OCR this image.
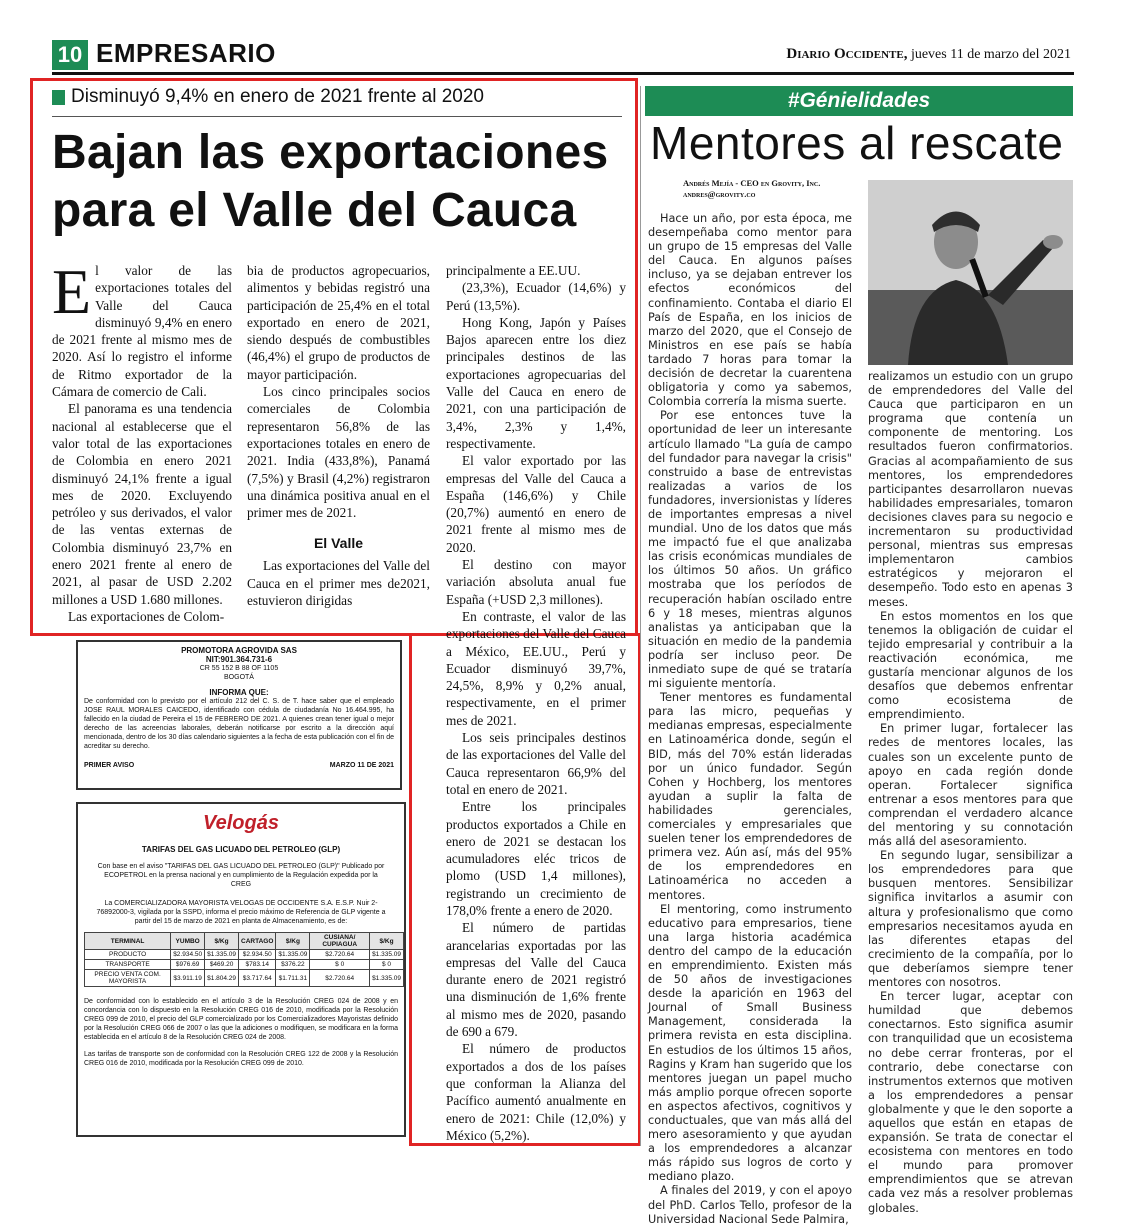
10 EMPRESARIO	Diario Occidente, jueves 11 de marzo del 2021
Disminuyó 9,4% en enero de 2021 frente al 2020
Bajan las exportaciones
para el Valle del Cauca

El valor de las exportaciones totales del Valle del Cauca disminuyó 9,4% en enero de 2021 frente al mismo mes de 2020. Así lo registro el informe de Ritmo exportador de la Cámara de comercio de Cali.

El panorama es una tendencia nacional al establecerse que el valor total de las exportaciones de Colombia en enero 2021 disminuyó 24,1% frente a igual mes de 2020. Excluyendo petróleo y sus derivados, el valor de las ventas externas de Colombia disminuyó 23,7% en enero 2021 frente al enero de 2021, al pasar de USD 2.202 millones a USD 1.680 millones.

Las exportaciones de Colom-

bia de productos agropecuarios, alimentos y bebidas registró una participación de 25,4% en el total exportado en enero de 2021, siendo después de combustibles (46,4%) el grupo de productos de mayor participación.

Los cinco principales socios comerciales de Colombia representaron 56,8% de las exportaciones totales en enero de 2021. India (433,8%), Panamá (7,5%) y Brasil (4,2%) registraron una dinámica positiva anual en el primer mes de 2021.

El Valle

Las exportaciones del Valle del Cauca en el primer mes de2021, estuvieron dirigidas

principalmente a EE.UU.

(23,3%), Ecuador (14,6%) y Perú (13,5%).

Hong Kong, Japón y Países Bajos aparecen entre los diez principales destinos de las exportaciones agropecuarias del Valle del Cauca en enero de 2021, con una participación de 3,4%, 2,3% y 1,4%, respectivamente.

El valor exportado por las empresas del Valle del Cauca a España (146,6%) y Chile (20,7%) aumentó en enero de 2021 frente al mismo mes de 2020.

El destino con mayor variación absoluta anual fue España (+USD 2,3 millones).

En contraste, el valor de las exportaciones del Valle del Cauca a México, EE.UU., Perú y Ecuador disminuyó 39,7%, 24,5%, 8,9% y 0,2% anual, respectivamente, en el primer mes de 2021.

Los seis principales destinos de las exportaciones del Valle del Cauca representaron 66,9% del total en enero de 2021.

Entre los principales productos exportados a Chile en enero de 2021 se destacan los acumuladores eléc tricos de plomo (USD 1,4 millones), registrando un crecimiento de 178,0% frente a enero de 2020.

El número de partidas arancelarias exportadas por las empresas del Valle del Cauca durante enero de 2021 registró una disminución de 1,6% frente al mismo mes de 2020, pasando de 690 a 679.

El número de productos exportados a dos de los países que conforman la Alianza del Pacífico aumentó anualmente en enero de 2021: Chile (12,0%) y México (5,2%).

PROMOTORA AGROVIDA SAS
NIT:901.364.731-6
CR 55 152 B 88 OF 1105
BOGOTÁ
INFORMA QUE:

De conformidad con lo previsto por el artículo 212 del C. S. de T. hace saber que el empleado JOSE RAUL MORALES CAICEDO, identificado con cédula de ciudadanía No 16.464.995, ha fallecido en la ciudad de Pereira el 15 de FEBRERO DE 2021. A quienes crean tener igual o mejor derecho de las acreencias laborales, deberán notificarse por escrito a la dirección aquí mencionada, dentro de los 30 días calendario siguientes a la fecha de esta publicación con el fin de acreditar su derecho.

PRIMER AVISO	MARZO 11 DE 2021
Velogás
TARIFAS DEL GAS LICUADO DEL PETROLEO (GLP)

Con base en el aviso "TARIFAS DEL GAS LICUADO DEL PETROLEO (GLP)" Publicado por ECOPETROL en la prensa nacional y en cumplimiento de la Regulación expedida por la CREG

La COMERCIALIZADORA MAYORISTA VELOGAS DE OCCIDENTE S.A. E.S.P. Nuir 2-76892000-3, vigilada por la SSPD, informa el precio máximo de Referencia de GLP vigente a partir del 15 de marzo de 2021 en planta de Almacenamiento, es de:

TERMINAL	YUMBO	$/Kg	CARTAGO	$/Kg	CUSIANA/ CUPIAGUA	$/Kg
PRODUCTO	$2.934.50	$1.335.09	$2.934.50	$1.335.09	$2.720.64	$1.335.09
TRANSPORTE	$976.69	$469.20	$783.14	$376.22	$ 0	$ 0
PRECIO VENTA COM. MAYORISTA	$3.911.19	$1.804.29	$3.717.64	$1.711.31	$2.720.64	$1.335.09

De conformidad con lo establecido en el artículo 3 de la Resolución CREG 024 de 2008 y en concordancia con lo dispuesto en la Resolución CREG 016 de 2010, modificada por la Resolución CREG 099 de 2010, el precio del GLP comercializado por los Comercializadores Mayoristas definido por la Resolución CREG 066 de 2007 o las que la adiciones o modifiquen, se modificara en la forma establecida en el artículo 8 de la Resolución CREG 024 de 2008.

Las tarifas de transporte son de conformidad con la Resolución CREG 122 de 2008 y la Resolución CREG 016 de 2010, modificada por la Resolución CREG 099 de 2010.

#Génielidades
Mentores al rescate
Andrés Mejía - CEO en Grovity, Inc.
andres@grovity.co

Hace un año, por esta época, me desempeñaba como mentor para un grupo de 15 empresas del Valle del Cauca. En algunos países incluso, ya se dejaban entrever los efectos económicos del confinamiento. Contaba el diario El País de España, en los inicios de marzo del 2020, que el Consejo de Ministros en ese país se había tardado 7 horas para tomar la decisión de decretar la cuarentena obligatoria y como ya sabemos, Colombia correría la misma suerte.

Por ese entonces tuve la oportunidad de leer un interesante artículo llamado "La guía de campo del fundador para navegar la crisis" construido a base de entrevistas realizadas a varios de los fundadores, inversionistas y líderes de importantes empresas a nivel mundial. Uno de los datos que más me impactó fue el que analizaba las crisis económicas mundiales de los últimos 50 años. Un gráfico mostraba que los períodos de recuperación habían oscilado entre 6 y 18 meses, mientras algunos analistas ya anticipaban que la situación en medio de la pandemia podría ser incluso peor. De inmediato supe de qué se trataría mi siguiente mentoría.

Tener mentores es fundamental para las micro, pequeñas y medianas empresas, especialmente en Latinoamérica donde, según el BID, más del 70% están lideradas por un único fundador. Según Cohen y Hochberg, los mentores ayudan a suplir la falta de habilidades gerenciales, comerciales y empresariales que suelen tener los emprendedores de primera vez. Aún así, más del 95% de los emprendedores en Latinoamérica no acceden a mentores.

El mentoring, como instrumento educativo para empresarios, tiene una larga historia académica dentro del campo de la educación en emprendimiento. Existen más de 50 años de investigaciones desde la aparición en 1963 del Journal of Small Business Management, considerada la primera revista en esta disciplina. En estudios de los últimos 15 años, Ragins y Kram han sugerido que los mentores juegan un papel mucho más amplio porque ofrecen soporte en aspectos afectivos, cognitivos y conductuales, que van más allá del mero asesoramiento y que ayudan a los emprendedores a alcanzar más rápido sus logros de corto y mediano plazo.

A finales del 2019, y con el apoyo del PhD. Carlos Tello, profesor de la Universidad Nacional Sede Palmira,

realizamos un estudio con un grupo de emprendedores del Valle del Cauca que participaron en un programa que contenía un componente de mentoring. Los resultados fueron confirmatorios. Gracias al acompañamiento de sus mentores, los emprendedores participantes desarrollaron nuevas habilidades empresariales, tomaron decisiones claves para su negocio e incrementaron su productividad personal, mientras sus empresas implementaron cambios estratégicos y mejoraron el desempeño. Todo esto en apenas 3 meses.

En estos momentos en los que tenemos la obligación de cuidar el tejido empresarial y contribuir a la reactivación económica, me gustaría mencionar algunos de los desafíos que debemos enfrentar como ecosistema de emprendimiento.

En primer lugar, fortalecer las redes de mentores locales, las cuales son un excelente punto de apoyo en cada región donde operan. Fortalecer significa entrenar a esos mentores para que comprendan el verdadero alcance del mentoring y su connotación más allá del asesoramiento.

En segundo lugar, sensibilizar a los emprendedores para que busquen mentores. Sensibilizar significa invitarlos a asumir con altura y profesionalismo que como empresarios necesitamos ayuda en las diferentes etapas del crecimiento de la compañía, por lo que deberíamos siempre tener mentores con nosotros.

En tercer lugar, aceptar con humildad que debemos conectarnos. Esto significa asumir con tranquilidad que un ecosistema no debe cerrar fronteras, por el contrario, debe conectarse con instrumentos externos que motiven a los emprendedores a pensar globalmente y que le den soporte a aquellos que están en etapas de expansión. Se trata de conectar el ecosistema con mentores en todo el mundo para promover emprendimientos que se atrevan cada vez más a resolver problemas globales.
